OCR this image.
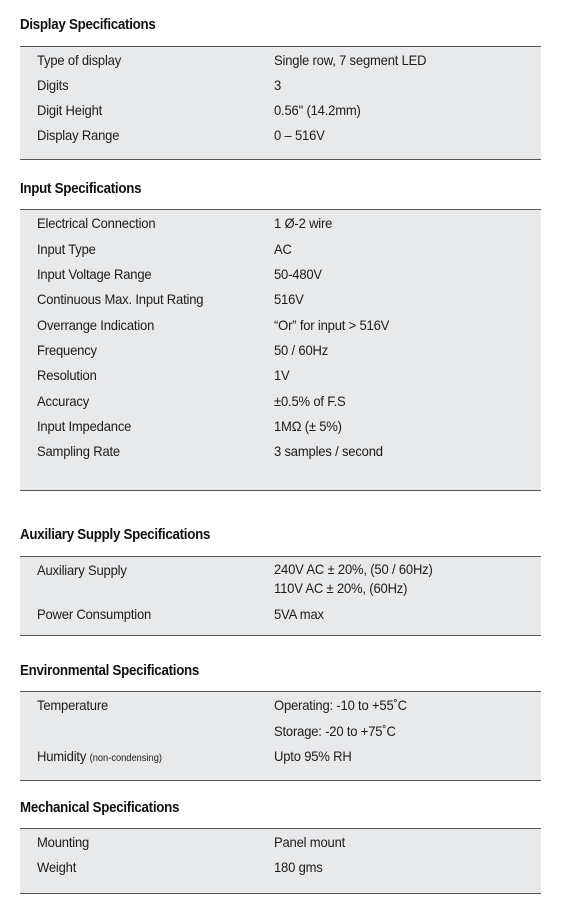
Display Specifications
Type of display	Single row, 7 segment LED
Digits	3
Digit Height	0.56" (14.2mm)
Display Range	0 – 516V
Input Specifications
Electrical Connection	1 Ø-2 wire
Input Type	AC
Input Voltage Range	50-480V
Continuous Max. Input Rating	516V
Overrange Indication	“Or” for input > 516V
Frequency	50 / 60Hz
Resolution	1V
Accuracy	±0.5% of F.S
Input Impedance	1MΩ (± 5%)
Sampling Rate	3 samples / second
Auxiliary Supply Specifications
Auxiliary Supply	240V AC ± 20%, (50 / 60Hz)
110V AC ± 20%, (60Hz)
Power Consumption	5VA max
Environmental Specifications
Temperature	Operating: -10 to +55˚C
Storage: -20 to +75˚C
Humidity (non-condensing)	Upto 95% RH
Mechanical Specifications
Mounting	Panel mount
Weight	180 gms
